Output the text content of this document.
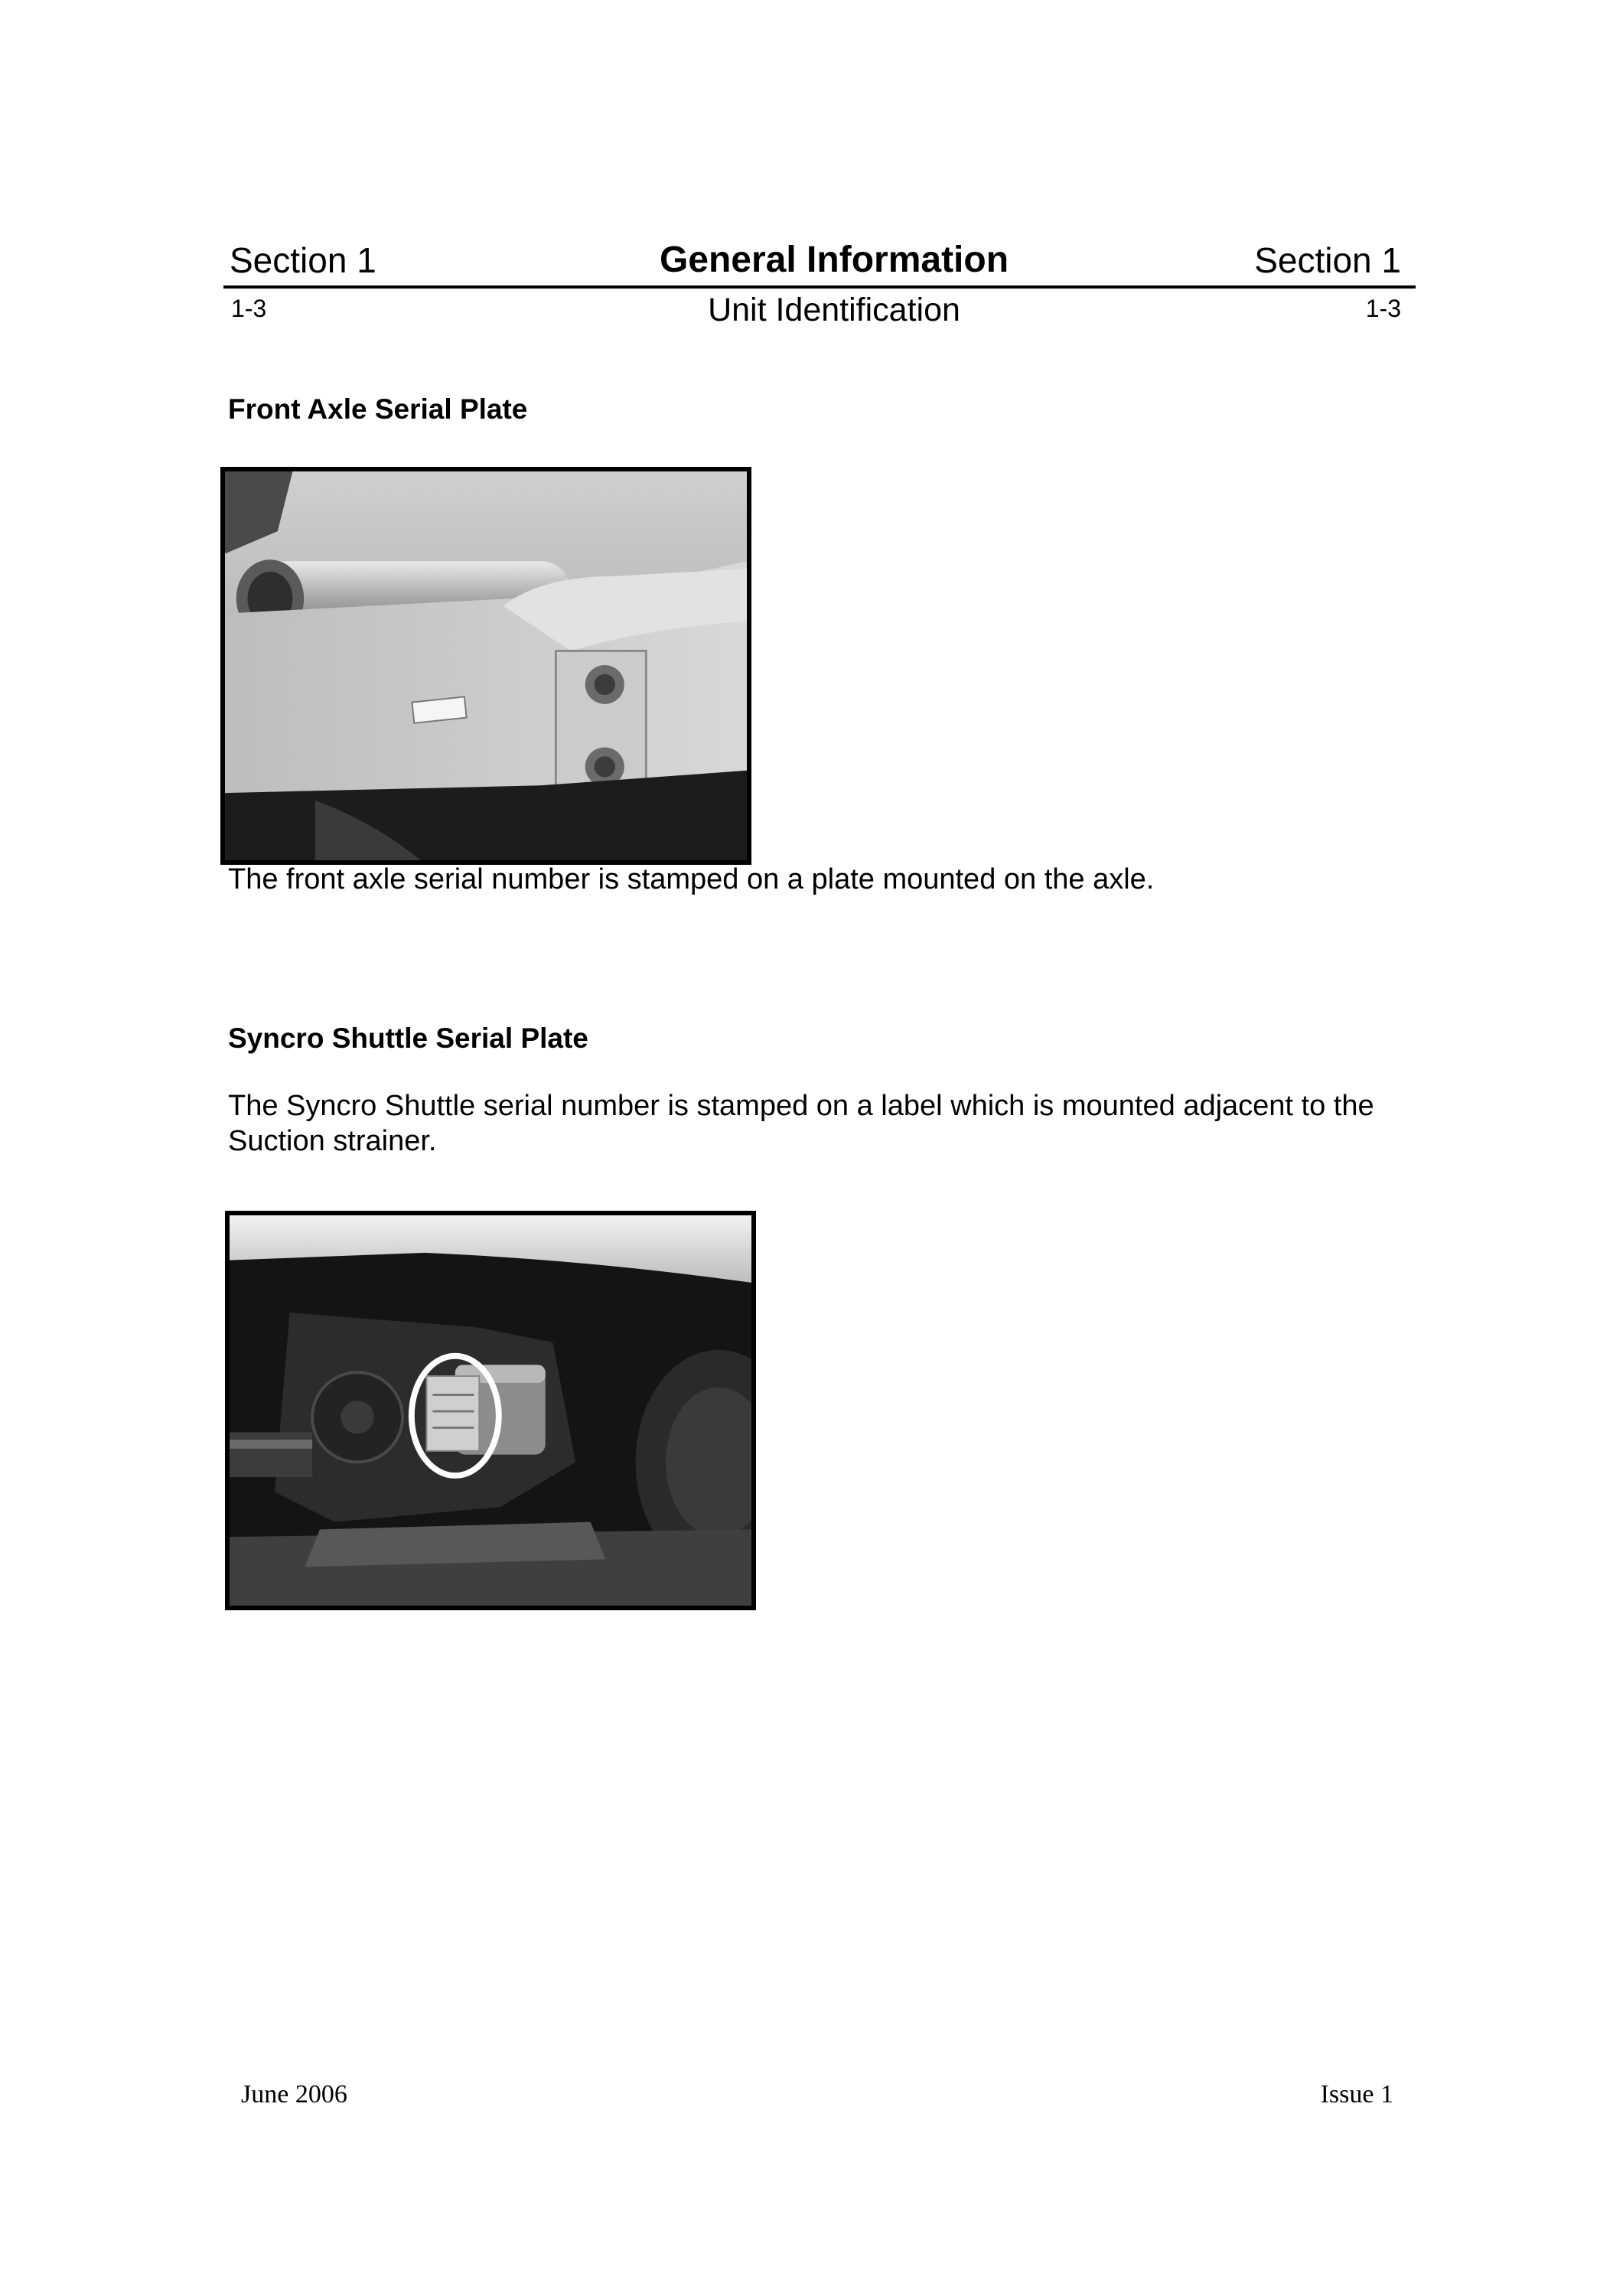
Section 1	General Information	Section 1
1-3	Unit Identification	1-3
Front Axle Serial Plate
The front axle serial number is stamped on a plate mounted on the axle.
Syncro Shuttle Serial Plate
The Syncro Shuttle serial number is stamped on a label which is mounted adjacent to the
Suction strainer.
June 2006	Issue 1
